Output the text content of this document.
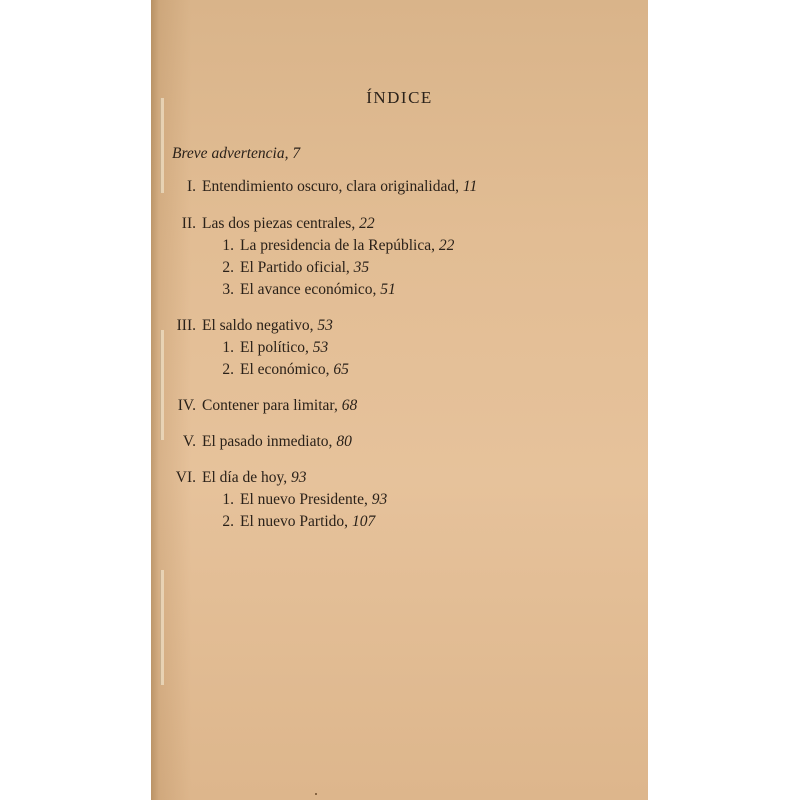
ÍNDICE
Breve advertencia, 7
I. Entendimiento oscuro, clara originalidad, 11
II. Las dos piezas centrales, 22
1. La presidencia de la República, 22
2. El Partido oficial, 35
3. El avance económico, 51
III. El saldo negativo, 53
1. El político, 53
2. El económico, 65
IV. Contener para limitar, 68
V. El pasado inmediato, 80
VI. El día de hoy, 93
1. El nuevo Presidente, 93
2. El nuevo Partido, 107
